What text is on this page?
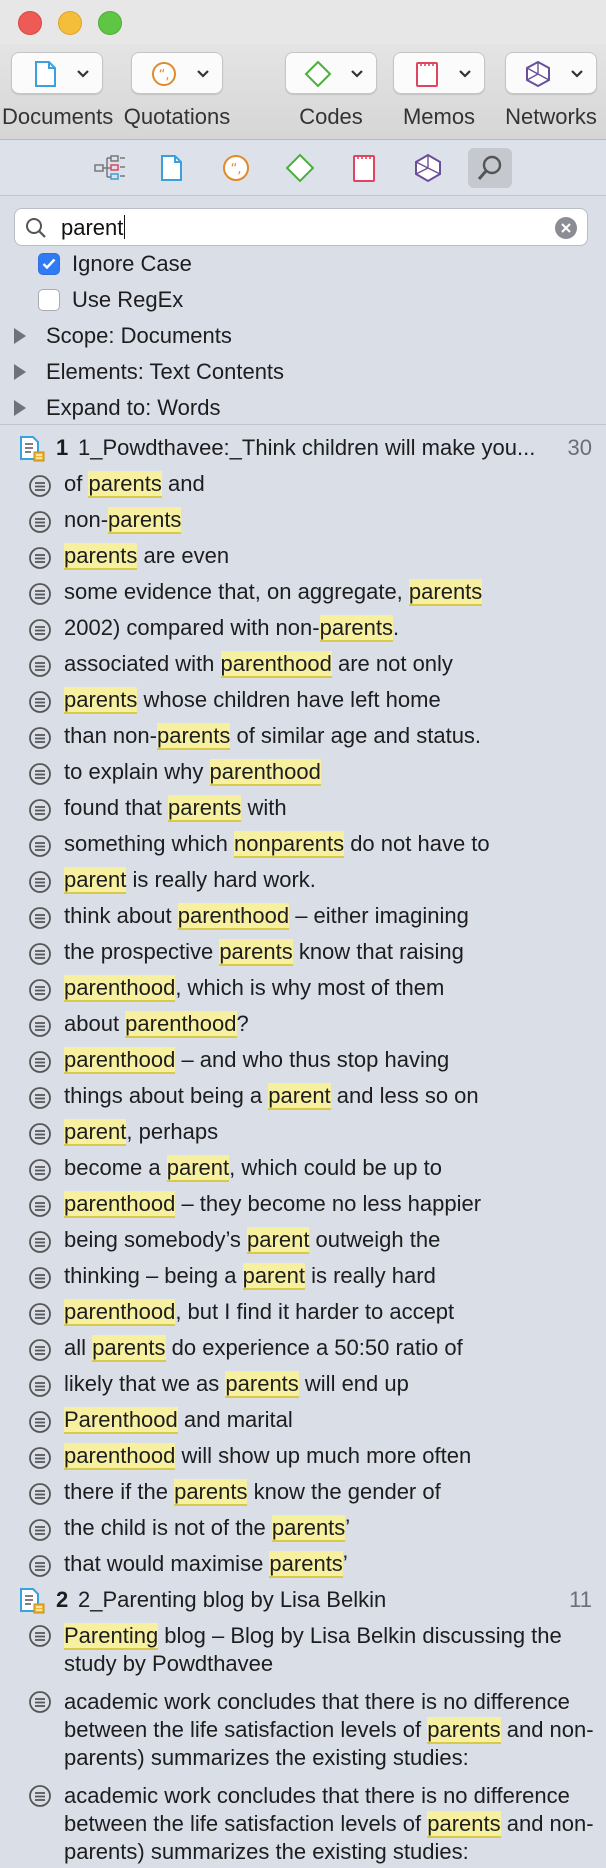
Documents
“‚
Quotations	Codes	Memos	Networks
“‚
parent
Ignore Case
Use RegEx
Scope: Documents
Elements: Text Contents
Expand to: Words
1 1_Powdthavee:_Think children will make you... 30
of parents and
non-parents
parents are even
some evidence that, on aggregate, parents
2002) compared with non-parents.
associated with parenthood are not only
parents whose children have left home
than non-parents of similar age and status.
to explain why parenthood
found that parents with
something which nonparents do not have to
parent is really hard work.
think about parenthood – either imagining
the prospective parents know that raising
parenthood, which is why most of them
about parenthood?
parenthood – and who thus stop having
things about being a parent and less so on
parent, perhaps
become a parent, which could be up to
parenthood – they become no less happier
being somebody’s parent outweigh the
thinking – being a parent is really hard
parenthood, but I find it harder to accept
all parents do experience a 50:50 ratio of
likely that we as parents will end up
Parenthood and marital
parenthood will show up much more often
there if the parents know the gender of
the child is not of the parents’
that would maximise parents’
2 2_Parenting blog by Lisa Belkin	11
Parenting blog – Blog by Lisa Belkin discussing the study by Powdthavee
academic work concludes that there is no difference between the life satisfaction levels of parents and non-parents) summarizes the existing studies:
academic work concludes that there is no difference between the life satisfaction levels of parents and non-parents) summarizes the existing studies:
